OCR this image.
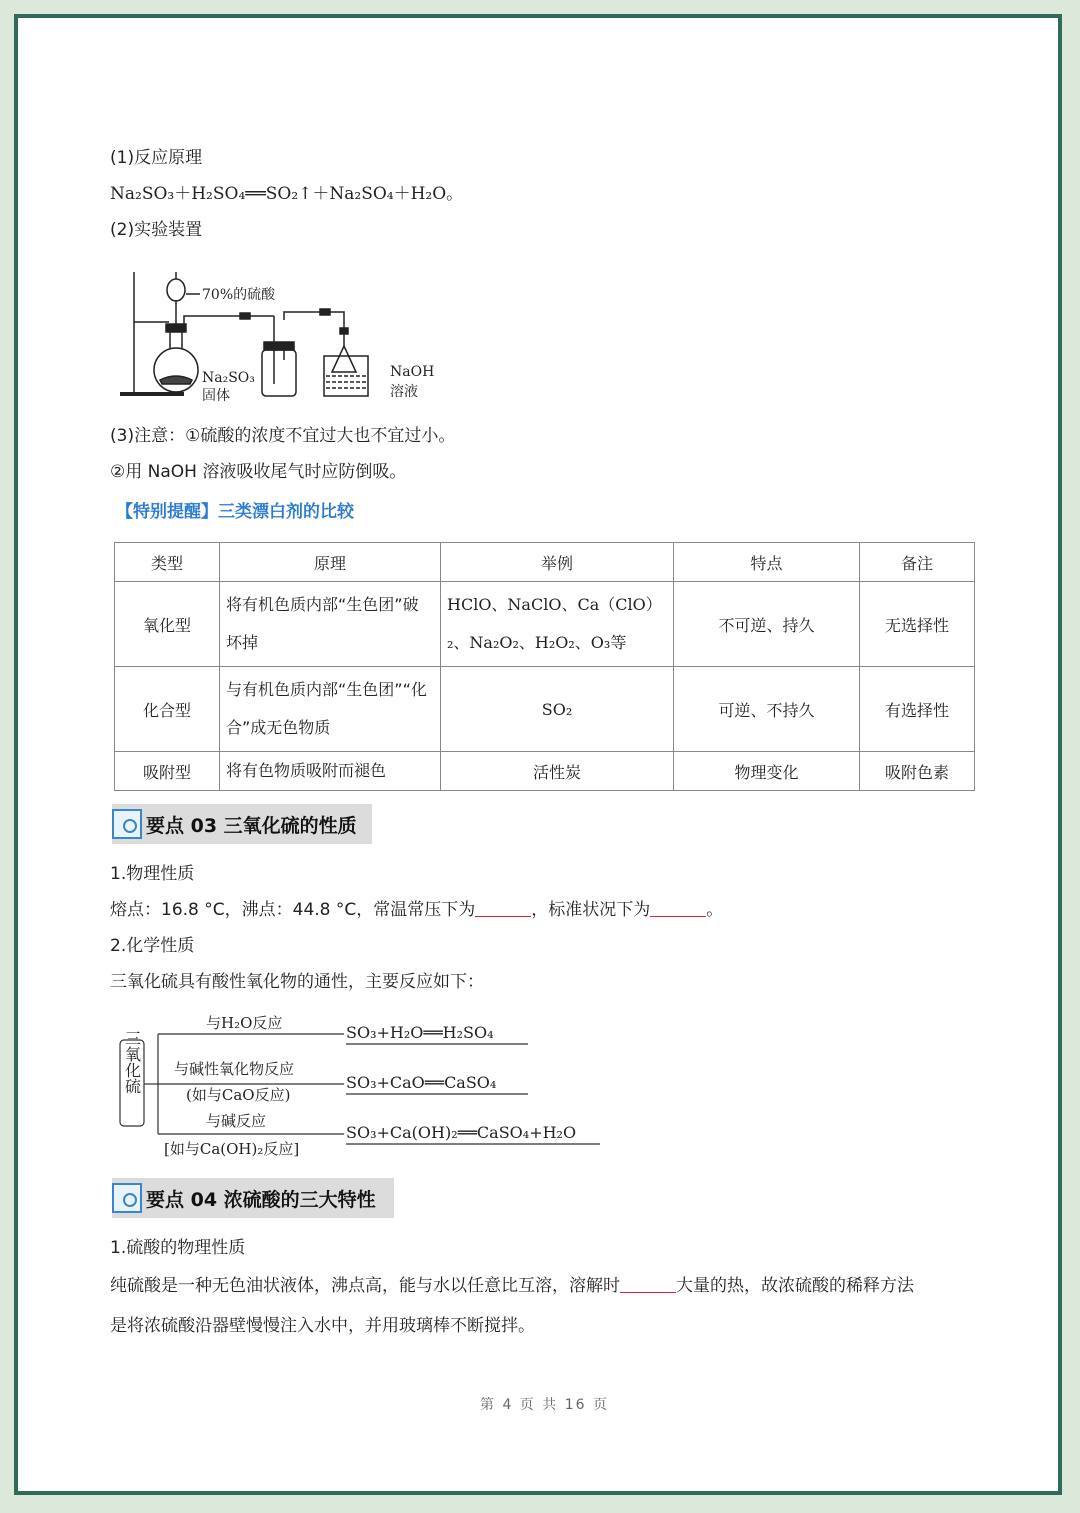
(1)反应原理
Na₂SO₃＋H₂SO₄══SO₂↑＋Na₂SO₄＋H₂O。
(2)实验装置
70%的硫酸
Na₂SO₃
固体
NaOH
溶液
(3)注意：①硫酸的浓度不宜过大也不宜过小。
②用 NaOH 溶液吸收尾气时应防倒吸。
【特别提醒】三类漂白剂的比较
类型	原理	举例	特点	备注
氧化型	将有机色质内部“生色团”破坏掉	HClO、NaClO、Ca（ClO）₂、Na₂O₂、H₂O₂、O₃等	不可逆、持久	无选择性
化合型	与有机色质内部“生色团”“化合”成无色物质	SO₂	可逆、不持久	有选择性
吸附型	将有色物质吸附而褪色	活性炭	物理变化	吸附色素
要点 03 三氧化硫的性质
1.物理性质
熔点：16.8 °C，沸点：44.8 °C，常温常压下为	，标准状况下为	。
2.化学性质
三氧化硫具有酸性氧化物的通性，主要反应如下：
三氧化硫
与H₂O反应	SO₃+H₂O══H₂SO₄
与碱性氧化物反应
(如与CaO反应)
SO₃+CaO══CaSO₄
与碱反应
[如与Ca(OH)₂反应]
SO₃+Ca(OH)₂══CaSO₄+H₂O
要点 04 浓硫酸的三大特性
1.硫酸的物理性质
纯硫酸是一种无色油状液体，沸点高，能与水以任意比互溶，溶解时	大量的热，故浓硫酸的稀释方法
是将浓硫酸沿器壁慢慢注入水中，并用玻璃棒不断搅拌。
第 4 页 共 16 页
